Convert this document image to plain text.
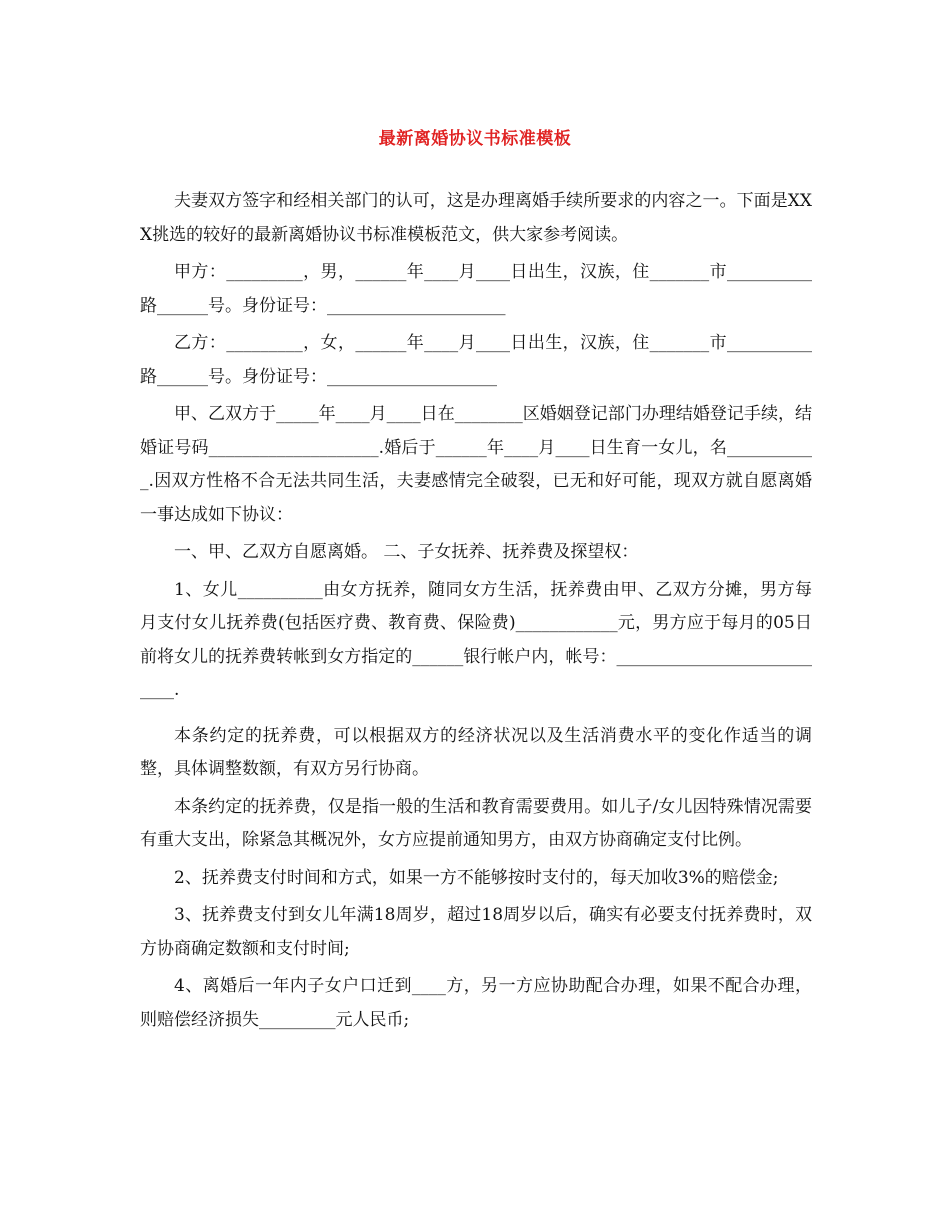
最新离婚协议书标准模板

夫妻双方签字和经相关部门的认可，这是办理离婚手续所要求的内容之一。下面是XXX挑选的较好的最新离婚协议书标准模板范文，供大家参考阅读。

甲方：_________，男，______年____月____日出生，汉族，住_______市__________路______号。身份证号：_____________________

乙方：_________，女，______年____月____日出生，汉族，住_______市__________路______号。身份证号：____________________

甲、乙双方于_____年____月____日在________区婚姻登记部门办理结婚登记手续，结婚证号码____________________.婚后于______年____月____日生育一女儿，名___________.因双方性格不合无法共同生活，夫妻感情完全破裂，已无和好可能，现双方就自愿离婚一事达成如下协议：

一、甲、乙双方自愿离婚。 二、子女抚养、抚养费及探望权：

1、女儿__________由女方抚养，随同女方生活，抚养费由甲、乙双方分摊，男方每月支付女儿抚养费(包括医疗费、教育费、保险费)____________元，男方应于每月的05日前将女儿的抚养费转帐到女方指定的______银行帐户内，帐号：___________________________.

本条约定的抚养费，可以根据双方的经济状况以及生活消费水平的变化作适当的调整，具体调整数额，有双方另行协商。

本条约定的抚养费，仅是指一般的生活和教育需要费用。如儿子/女儿因特殊情况需要有重大支出，除紧急其概况外，女方应提前通知男方，由双方协商确定支付比例。

2、抚养费支付时间和方式，如果一方不能够按时支付的，每天加收3%的赔偿金;

3、抚养费支付到女儿年满18周岁，超过18周岁以后，确实有必要支付抚养费时，双方协商确定数额和支付时间;

4、离婚后一年内子女户口迁到____方，另一方应协助配合办理，如果不配合办理，则赔偿经济损失_________元人民币;
